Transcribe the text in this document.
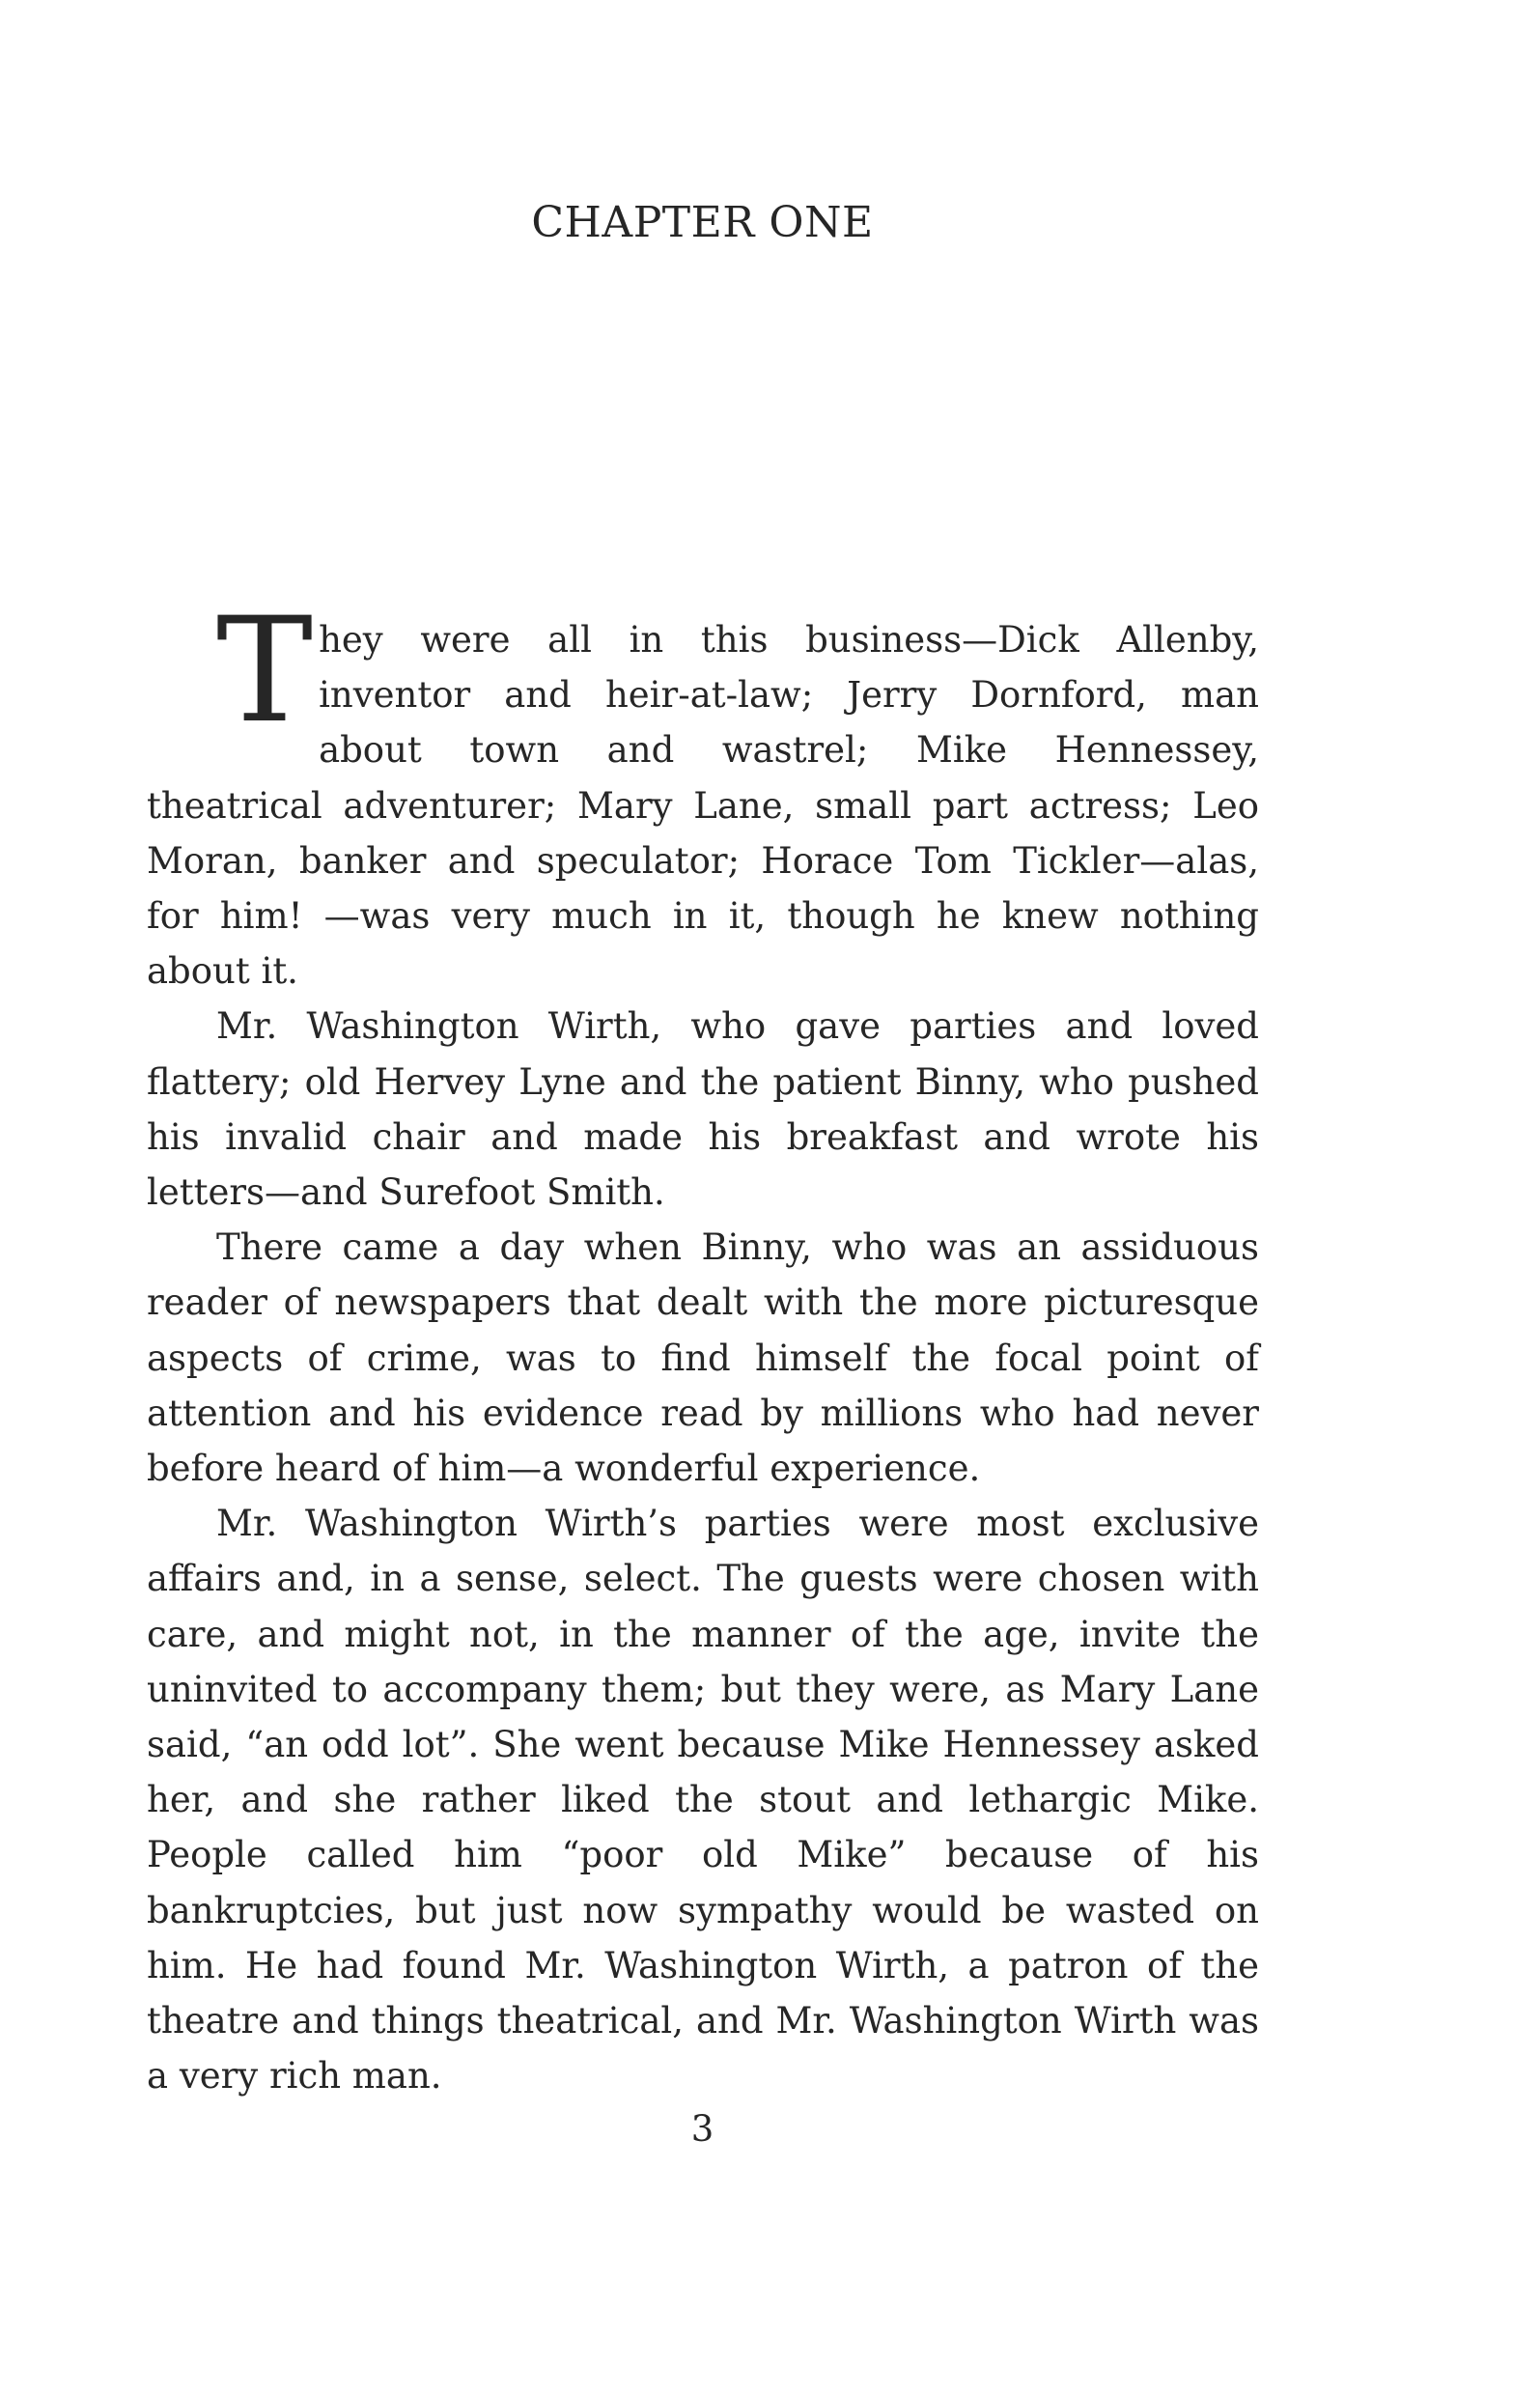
CHAPTER ONE

They were all in this business—Dick Allenby, inventor and heir-at-law; Jerry Dornford, man about town and wastrel; Mike Hennessey, theatrical adventurer; Mary Lane, small part actress; Leo Moran, banker and speculator; Horace Tom Tickler—alas, for him! —was very much in it, though he knew nothing about it.

Mr. Washington Wirth, who gave parties and loved flattery; old Hervey Lyne and the patient Binny, who pushed his invalid chair and made his breakfast and wrote his letters—and Surefoot Smith.

There came a day when Binny, who was an assiduous reader of newspapers that dealt with the more picturesque aspects of crime, was to find himself the focal point of attention and his evidence read by millions who had never before heard of him—a wonderful experience.

Mr. Washington Wirth’s parties were most exclusive affairs and, in a sense, select. The guests were chosen with care, and might not, in the manner of the age, invite the uninvited to accompany them; but they were, as Mary Lane said, “an odd lot”. She went because Mike Hennessey asked her, and she rather liked the stout and lethargic Mike. People called him “poor old Mike” because of his bankruptcies, but just now sympathy would be wasted on him. He had found Mr. Washington Wirth, a patron of the theatre and things theatrical, and Mr. Washington Wirth was a very rich man.

3
